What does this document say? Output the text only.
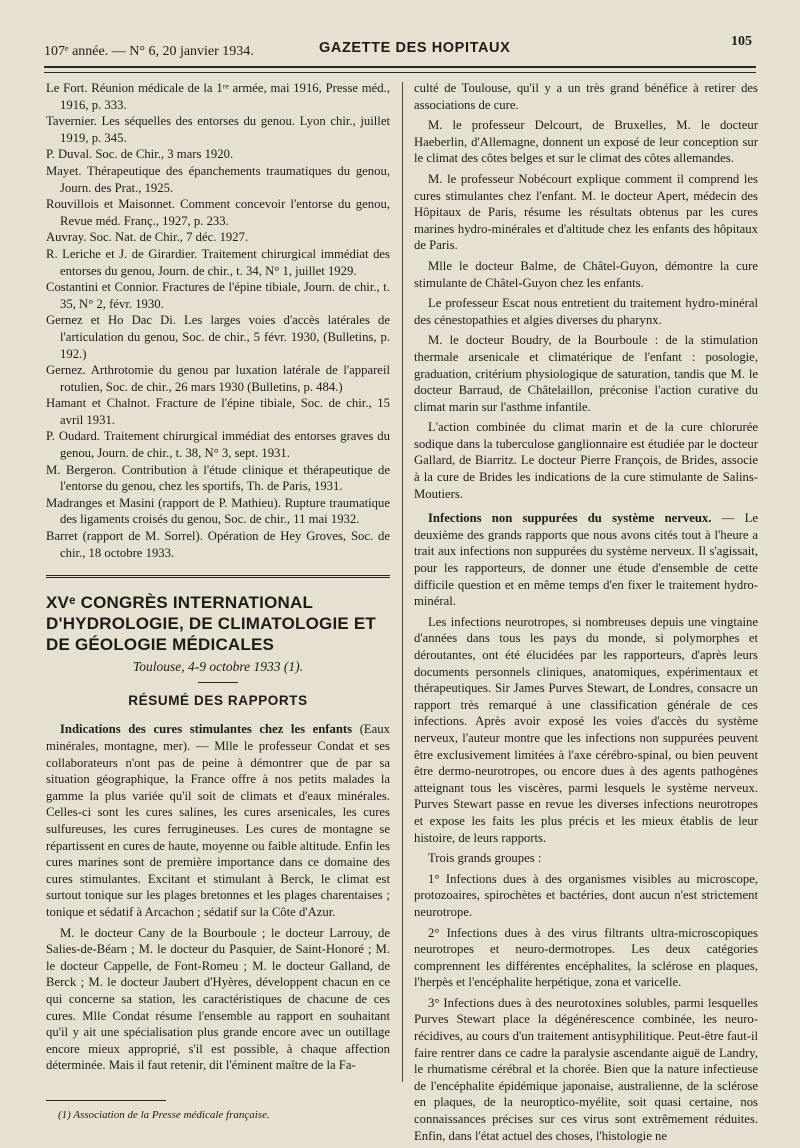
107ᵉ année. — N° 6, 20 janvier 1934.	GAZETTE DES HOPITAUX	105

Le Fort. Réunion médicale de la 1ʳᵉ armée, mai 1916, Presse méd., 1916, p. 333.

Tavernier. Les séquelles des entorses du genou. Lyon chir., juillet 1919, p. 345.

P. Duval. Soc. de Chir., 3 mars 1920.

Mayet. Thérapeutique des épanchements traumatiques du genou, Journ. des Prat., 1925.

Rouvillois et Maisonnet. Comment concevoir l'entorse du genou, Revue méd. Franç., 1927, p. 233.

Auvray. Soc. Nat. de Chir., 7 déc. 1927.

R. Leriche et J. de Girardier. Traitement chirurgical immédiat des entorses du genou, Journ. de chir., t. 34, N° 1, juillet 1929.

Costantini et Connior. Fractures de l'épine tibiale, Journ. de chir., t. 35, N° 2, févr. 1930.

Gernez et Ho Dac Di. Les larges voies d'accès latérales de l'articulation du genou, Soc. de chir., 5 févr. 1930, (Bulletins, p. 192.)

Gernez. Arthrotomie du genou par luxation latérale de l'appareil rotulien, Soc. de chir., 26 mars 1930 (Bulletins, p. 484.)

Hamant et Chalnot. Fracture de l'épine tibiale, Soc. de chir., 15 avril 1931.

P. Oudard. Traitement chirurgical immédiat des entorses graves du genou, Journ. de chir., t. 38, N° 3, sept. 1931.

M. Bergeron. Contribution à l'étude clinique et thérapeutique de l'entorse du genou, chez les sportifs, Th. de Paris, 1931.

Madranges et Masini (rapport de P. Mathieu). Rupture traumatique des ligaments croisés du genou, Soc. de chir., 11 mai 1932.

Barret (rapport de M. Sorrel). Opération de Hey Groves, Soc. de chir., 18 octobre 1933.

XVᵉ CONGRÈS INTERNATIONAL D'HYDROLOGIE, DE CLIMATOLOGIE ET DE GÉOLOGIE MÉDICALES

Toulouse, 4-9 octobre 1933 (1).

RÉSUMÉ DES RAPPORTS

Indications des cures stimulantes chez les enfants (Eaux minérales, montagne, mer). — Mlle le professeur Condat et ses collaborateurs n'ont pas de peine à démontrer que de par sa situation géographique, la France offre à nos petits malades la gamme la plus variée qu'il soit de climats et d'eaux minérales. Celles-ci sont les cures salines, les cures arsenicales, les cures sulfureuses, les cures ferrugineuses. Les cures de montagne se répartissent en cures de haute, moyenne ou faible altitude. Enfin les cures marines sont de première importance dans ce domaine des cures stimulantes. Excitant et stimulant à Berck, le climat est surtout tonique sur les plages bretonnes et les plages charentaises ; tonique et sédatif à Arcachon ; sédatif sur la Côte d'Azur.

M. le docteur Cany de la Bourboule ; le docteur Larrouy, de Salies-de-Béarn ; M. le docteur du Pasquier, de Saint-Honoré ; M. le docteur Cappelle, de Font-Romeu ; M. le docteur Galland, de Berck ; M. le docteur Jaubert d'Hyères, développent chacun en ce qui concerne sa station, les caractéristiques de chacune de ces cures. Mlle Condat résume l'ensemble au rapport en souhaitant qu'il y ait une spécialisation plus grande encore avec un outillage encore mieux approprié, s'il est possible, à chaque affection déterminée. Mais il faut retenir, dit l'éminent maître de la Fa-

(1) Association de la Presse médicale française.

culté de Toulouse, qu'il y a un très grand bénéfice à retirer des associations de cure.

M. le professeur Delcourt, de Bruxelles, M. le docteur Haeberlin, d'Allemagne, donnent un exposé de leur conception sur le climat des côtes belges et sur le climat des côtes allemandes.

M. le professeur Nobécourt explique comment il comprend les cures stimulantes chez l'enfant. M. le docteur Apert, médecin des Hôpitaux de Paris, résume les résultats obtenus par les cures marines hydro-minérales et d'altitude chez les enfants des hôpitaux de Paris.

Mlle le docteur Balme, de Châtel-Guyon, démontre la cure stimulante de Châtel-Guyon chez les enfants.

Le professeur Escat nous entretient du traitement hydro-minéral des cénestopathies et algies diverses du pharynx.

M. le docteur Boudry, de la Bourboule : de la stimulation thermale arsenicale et climatérique de l'enfant : posologie, graduation, critérium physiologique de saturation, tandis que M. le docteur Barraud, de Châtelaillon, préconise l'action curative du climat marin sur l'asthme infantile.

L'action combinée du climat marin et de la cure chlorurée sodique dans la tuberculose ganglionnaire est étudiée par le docteur Gallard, de Biarritz. Le docteur Pierre François, de Brides, associe à la cure de Brides les indications de la cure stimulante de Salins-Moutiers.

Infections non suppurées du système nerveux. — Le deuxième des grands rapports que nous avons cités tout à l'heure a trait aux infections non suppurées du système nerveux. Il s'agissait, pour les rapporteurs, de donner une étude d'ensemble de cette difficile question et en même temps d'en fixer le traitement hydro-minéral.

Les infections neurotropes, si nombreuses depuis une vingtaine d'années dans tous les pays du monde, si polymorphes et déroutantes, ont été élucidées par les rapporteurs, d'après leurs documents personnels cliniques, anatomiques, expérimentaux et thérapeutiques. Sir James Purves Stewart, de Londres, consacre un rapport très remarqué à une classification générale de ces infections. Après avoir exposé les voies d'accès du système nerveux, l'auteur montre que les infections non suppurées peuvent être exclusivement limitées à l'axe cérébro-spinal, ou bien peuvent être dermo-neurotropes, ou encore dues à des agents pathogènes atteignant tous les viscères, parmi lesquels le système nerveux. Purves Stewart passe en revue les diverses infections neurotropes et expose les faits les plus précis et les mieux établis de leur histoire, de leurs rapports.

Trois grands groupes :

1° Infections dues à des organismes visibles au microscope, protozoaires, spirochètes et bactéries, dont aucun n'est strictement neurotrope.

2° Infections dues à des virus filtrants ultra-microscopiques neurotropes et neuro-dermotropes. Les deux catégories comprennent les différentes encéphalites, la sclérose en plaques, l'herpès et l'encéphalite herpétique, zona et varicelle.

3° Infections dues à des neurotoxines solubles, parmi lesquelles Purves Stewart place la dégénérescence combinée, les neuro-récidives, au cours d'un traitement antisyphilitique. Peut-être faut-il faire rentrer dans ce cadre la paralysie ascendante aiguë de Landry, le rhumatisme cérébral et la chorée. Bien que la nature infectieuse de l'encéphalite épidémique japonaise, australienne, de la sclérose en plaques, de la neuroptico-myélite, soit quasi certaine, nos connaissances précises sur ces virus sont extrêmement réduites. Enfin, dans l'état actuel des choses, l'histologie ne
